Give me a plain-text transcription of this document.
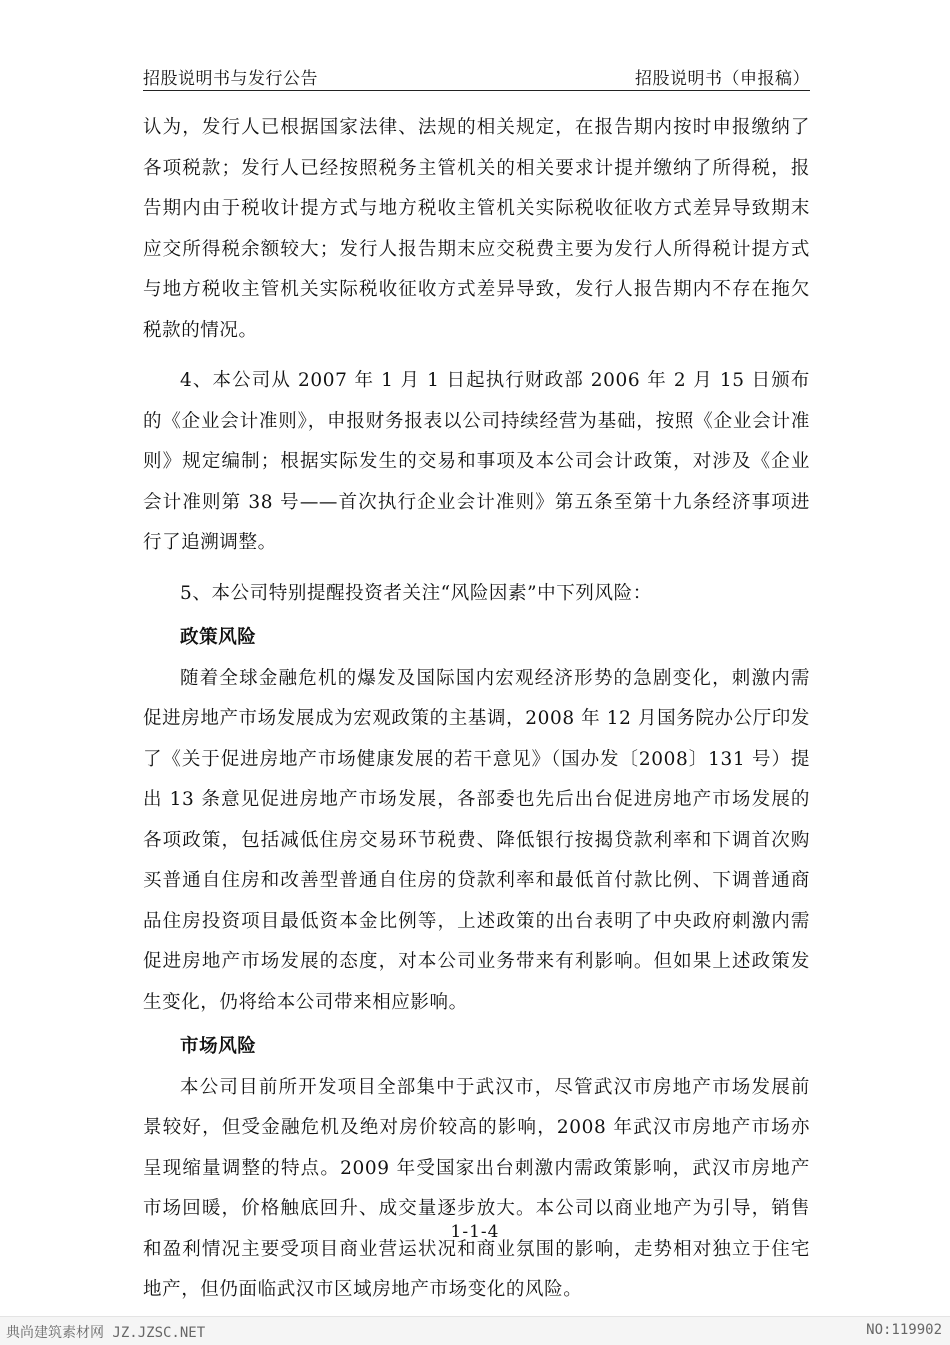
招股说明书与发行公告	招股说明书（申报稿）

认为，发行人已根据国家法律、法规的相关规定，在报告期内按时申报缴纳了各项税款；发行人已经按照税务主管机关的相关要求计提并缴纳了所得税，报告期内由于税收计提方式与地方税收主管机关实际税收征收方式差异导致期末应交所得税余额较大；发行人报告期末应交税费主要为发行人所得税计提方式与地方税收主管机关实际税收征收方式差异导致，发行人报告期内不存在拖欠税款的情况。

4、本公司从 2007 年 1 月 1 日起执行财政部 2006 年 2 月 15 日颁布的《企业会计准则》，申报财务报表以公司持续经营为基础，按照《企业会计准则》规定编制；根据实际发生的交易和事项及本公司会计政策，对涉及《企业会计准则第 38 号——首次执行企业会计准则》第五条至第十九条经济事项进行了追溯调整。

5、本公司特别提醒投资者关注“风险因素”中下列风险：

政策风险

随着全球金融危机的爆发及国际国内宏观经济形势的急剧变化，刺激内需促进房地产市场发展成为宏观政策的主基调，2008 年 12 月国务院办公厅印发了《关于促进房地产市场健康发展的若干意见》（国办发〔2008〕131 号）提出 13 条意见促进房地产市场发展，各部委也先后出台促进房地产市场发展的各项政策，包括减低住房交易环节税费、降低银行按揭贷款利率和下调首次购买普通自住房和改善型普通自住房的贷款利率和最低首付款比例、下调普通商品住房投资项目最低资本金比例等，上述政策的出台表明了中央政府刺激内需促进房地产市场发展的态度，对本公司业务带来有利影响。但如果上述政策发生变化，仍将给本公司带来相应影响。

市场风险

本公司目前所开发项目全部集中于武汉市，尽管武汉市房地产市场发展前景较好，但受金融危机及绝对房价较高的影响，2008 年武汉市房地产市场亦呈现缩量调整的特点。2009 年受国家出台刺激内需政策影响，武汉市房地产市场回暖，价格触底回升、成交量逐步放大。本公司以商业地产为引导，销售和盈利情况主要受项目商业营运状况和商业氛围的影响，走势相对独立于住宅地产，但仍面临武汉市区域房地产市场变化的风险。

1-1-4
典尚建筑素材网 JZ.JZSC.NET	NO:119902
